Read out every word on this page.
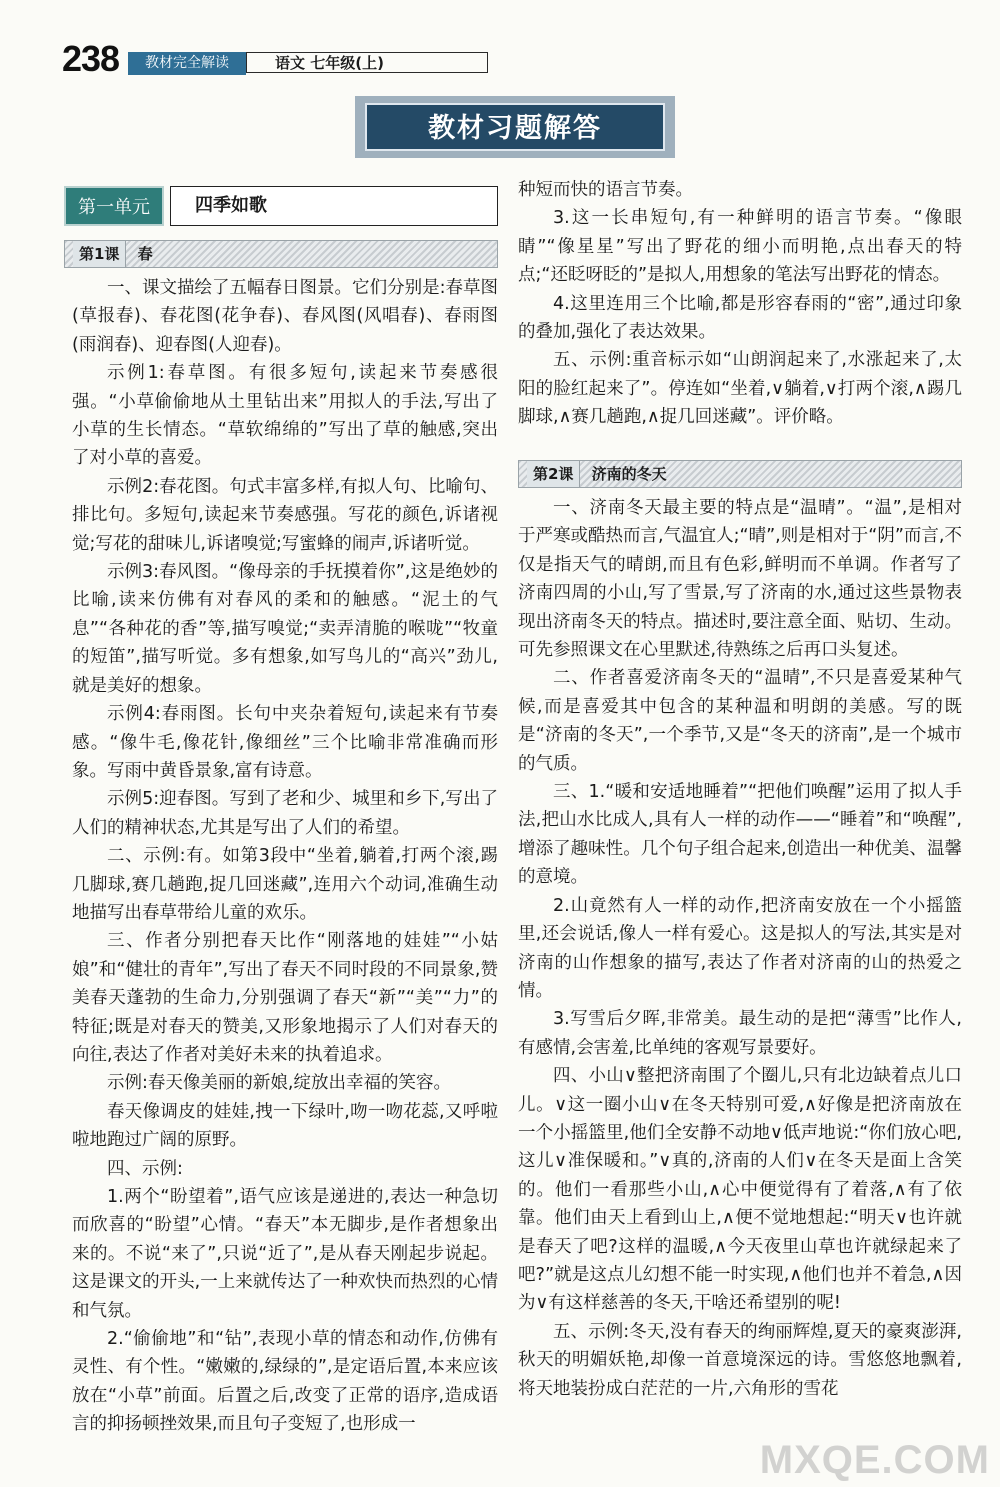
238	教材完全解读	语文 七年级(上)
教材习题解答
第一单元	四季如歌
第1课 春

一、课文描绘了五幅春日图景。它们分别是:春草图(草报春)、春花图(花争春)、春风图(风唱春)、春雨图(雨润春)、迎春图(人迎春)。

示例1:春草图。有很多短句,读起来节奏感很强。“小草偷偷地从土里钻出来”用拟人的手法,写出了小草的生长情态。“草软绵绵的”写出了草的触感,突出了对小草的喜爱。

示例2:春花图。句式丰富多样,有拟人句、比喻句、排比句。多短句,读起来节奏感强。写花的颜色,诉诸视觉;写花的甜味儿,诉诸嗅觉;写蜜蜂的闹声,诉诸听觉。

示例3:春风图。“像母亲的手抚摸着你”,这是绝妙的比喻,读来仿佛有对春风的柔和的触感。“泥土的气息”“各种花的香”等,描写嗅觉;“卖弄清脆的喉咙”“牧童的短笛”,描写听觉。多有想象,如写鸟儿的“高兴”劲儿,就是美好的想象。

示例4:春雨图。长句中夹杂着短句,读起来有节奏感。“像牛毛,像花针,像细丝”三个比喻非常准确而形象。写雨中黄昏景象,富有诗意。

示例5:迎春图。写到了老和少、城里和乡下,写出了人们的精神状态,尤其是写出了人们的希望。

二、示例:有。如第3段中“坐着,躺着,打两个滚,踢几脚球,赛几趟跑,捉几回迷藏”,连用六个动词,准确生动地描写出春草带给儿童的欢乐。

三、作者分别把春天比作“刚落地的娃娃”“小姑娘”和“健壮的青年”,写出了春天不同时段的不同景象,赞美春天蓬勃的生命力,分别强调了春天“新”“美”“力”的特征;既是对春天的赞美,又形象地揭示了人们对春天的向往,表达了作者对美好未来的执着追求。

示例:春天像美丽的新娘,绽放出幸福的笑容。

春天像调皮的娃娃,拽一下绿叶,吻一吻花蕊,又呼啦啦地跑过广阔的原野。

四、示例:

1.两个“盼望着”,语气应该是递进的,表达一种急切而欣喜的“盼望”心情。“春天”本无脚步,是作者想象出来的。不说“来了”,只说“近了”,是从春天刚起步说起。这是课文的开头,一上来就传达了一种欢快而热烈的心情和气氛。

2.“偷偷地”和“钻”,表现小草的情态和动作,仿佛有灵性、有个性。“嫩嫩的,绿绿的”,是定语后置,本来应该放在“小草”前面。后置之后,改变了正常的语序,造成语言的抑扬顿挫效果,而且句子变短了,也形成一

种短而快的语言节奏。

3.这一长串短句,有一种鲜明的语言节奏。“像眼睛”“像星星”写出了野花的细小而明艳,点出春天的特点;“还眨呀眨的”是拟人,用想象的笔法写出野花的情态。

4.这里连用三个比喻,都是形容春雨的“密”,通过印象的叠加,强化了表达效果。

五、示例:重音标示如“山朗润起来了,水涨起来了,太阳的脸红起来了”。停连如“坐着,∨躺着,∨打两个滚,∧踢几脚球,∧赛几趟跑,∧捉几回迷藏”。评价略。

第2课 济南的冬天

一、济南冬天最主要的特点是“温晴”。“温”,是相对于严寒或酷热而言,气温宜人;“晴”,则是相对于“阴”而言,不仅是指天气的晴朗,而且有色彩,鲜明而不单调。作者写了济南四周的小山,写了雪景,写了济南的水,通过这些景物表现出济南冬天的特点。描述时,要注意全面、贴切、生动。可先参照课文在心里默述,待熟练之后再口头复述。

二、作者喜爱济南冬天的“温晴”,不只是喜爱某种气候,而是喜爱其中包含的某种温和明朗的美感。写的既是“济南的冬天”,一个季节,又是“冬天的济南”,是一个城市的气质。

三、1.“暖和安适地睡着”“把他们唤醒”运用了拟人手法,把山水比成人,具有人一样的动作——“睡着”和“唤醒”,增添了趣味性。几个句子组合起来,创造出一种优美、温馨的意境。

2.山竟然有人一样的动作,把济南安放在一个小摇篮里,还会说话,像人一样有爱心。这是拟人的写法,其实是对济南的山作想象的描写,表达了作者对济南的山的热爱之情。

3.写雪后夕晖,非常美。最生动的是把“薄雪”比作人,有感情,会害羞,比单纯的客观写景要好。

四、小山∨整把济南围了个圈儿,只有北边缺着点儿口儿。∨这一圈小山∨在冬天特别可爱,∧好像是把济南放在一个小摇篮里,他们全安静不动地∨低声地说:“你们放心吧,这儿∨准保暖和。”∨真的,济南的人们∨在冬天是面上含笑的。他们一看那些小山,∧心中便觉得有了着落,∧有了依靠。他们由天上看到山上,∧便不觉地想起:“明天∨也许就是春天了吧?这样的温暖,∧今天夜里山草也许就绿起来了吧?”就是这点儿幻想不能一时实现,∧他们也并不着急,∧因为∨有这样慈善的冬天,干啥还希望别的呢!

五、示例:冬天,没有春天的绚丽辉煌,夏天的豪爽澎湃,秋天的明媚妖艳,却像一首意境深远的诗。雪悠悠地飘着,将天地装扮成白茫茫的一片,六角形的雪花

MXQE.COM
